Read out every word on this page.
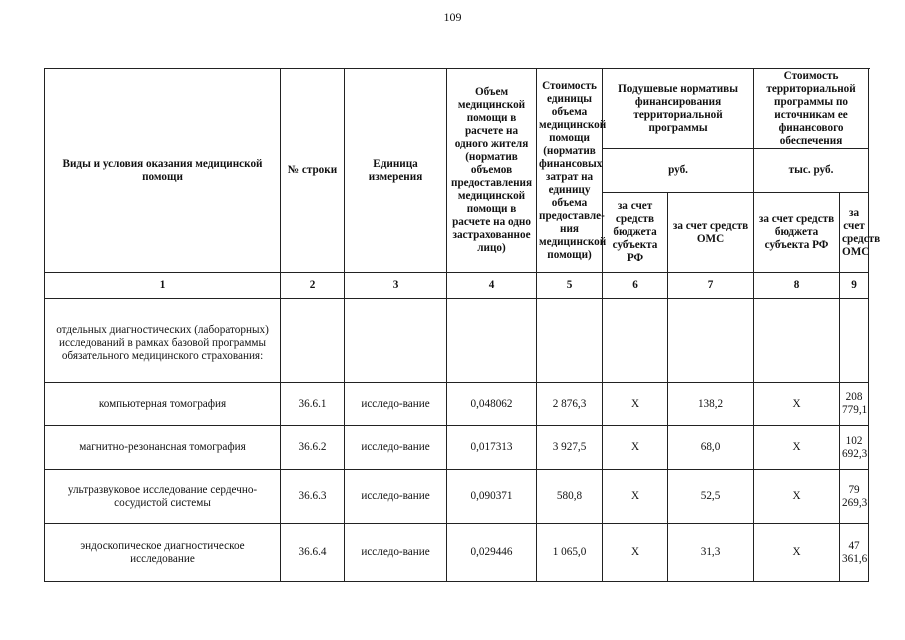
109
Виды и условия оказания медицинской помощи	№ строки	Единица измерения	Объем медицинской помощи в расчете на одного жителя (норматив объемов предоставления медицинской помощи в расчете на одно застрахованное лицо)	Стоимость единицы объема медицинской помощи (норматив финансовых затрат на единицу объема предоставле-ния медицинской помощи)	Подушевые нормативы финансирования территориальной программы		Стоимость территориальной программы по источникам ее финансового обеспечения		
					руб.		тыс. руб.	
					за счет средств бюджета субъекта РФ	за счет средств ОМС	за счет средств бюджета субъекта РФ	за счет средств ОМС	
1	2	3	4	5	6	7	8	9	
отдельных диагностических (лабораторных) исследований в рамках базовой программы обязательного медицинского страхования:									
компьютерная томография	36.6.1	исследо-вание	0,048062	2 876,3	Х	138,2	Х	208 779,1	
магнитно-резонансная томография	36.6.2	исследо-вание	0,017313	3 927,5	Х	68,0	Х	102 692,3	
ультразвуковое исследование сердечно-сосудистой системы	36.6.3	исследо-вание	0,090371	580,8	Х	52,5	Х	79 269,3	
эндоскопическое диагностическое исследование	36.6.4	исследо-вание	0,029446	1 065,0	Х	31,3	Х	47 361,6	
